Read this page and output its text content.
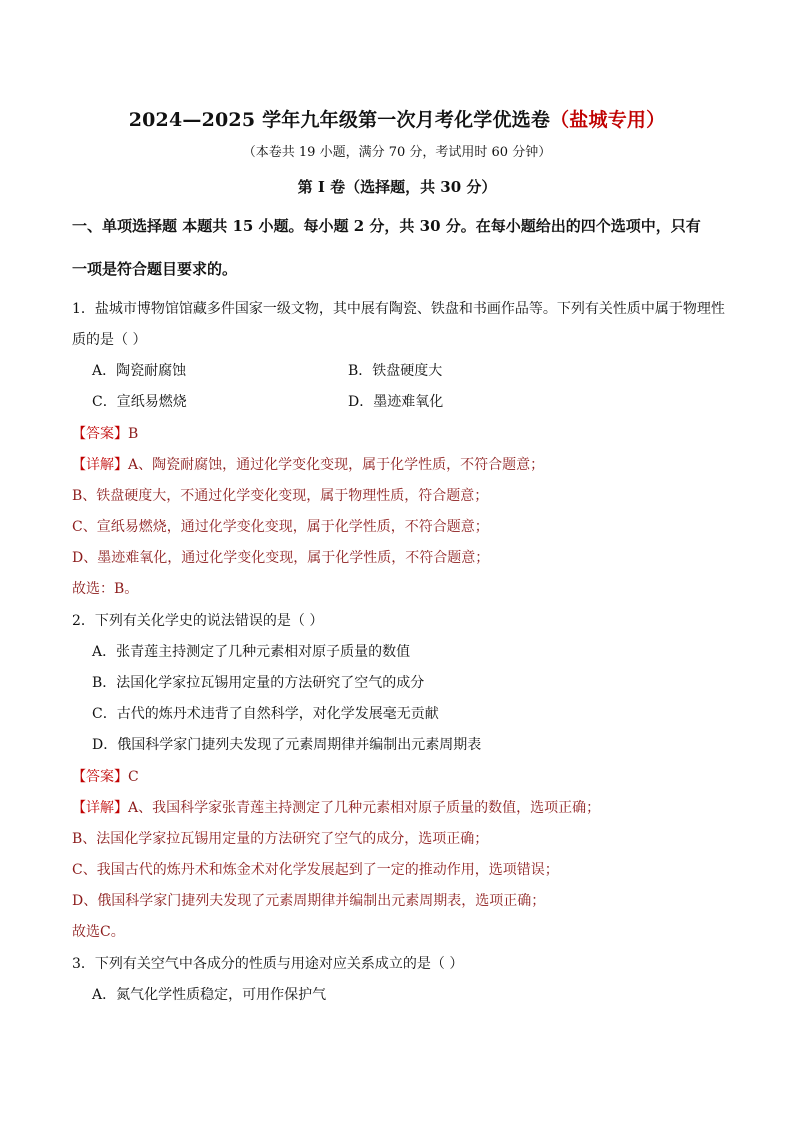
2024—2025 学年九年级第一次月考化学优选卷（盐城专用）
（本卷共 19 小题，满分 70 分，考试用时 60 分钟）
第 I 卷（选择题，共 30 分）
一、单项选择题 本题共 15 小题。每小题 2 分，共 30 分。在每小题给出的四个选项中，只有
一项是符合题目要求的。
1．盐城市博物馆馆藏多件国家一级文物，其中展有陶瓷、铁盘和书画作品等。下列有关性质中属于物理性
质的是（ ）
A．陶瓷耐腐蚀	B．铁盘硬度大
C．宣纸易燃烧	D．墨迹难氧化
【答案】B
【详解】A、陶瓷耐腐蚀，通过化学变化变现，属于化学性质，不符合题意；
B、铁盘硬度大，不通过化学变化变现，属于物理性质，符合题意；
C、宣纸易燃烧，通过化学变化变现，属于化学性质，不符合题意；
D、墨迹难氧化，通过化学变化变现，属于化学性质，不符合题意；
故选：B。
2．下列有关化学史的说法错误的是（ ）
A．张青莲主持测定了几种元素相对原子质量的数值
B．法国化学家拉瓦锡用定量的方法研究了空气的成分
C．古代的炼丹术违背了自然科学，对化学发展毫无贡献
D．俄国科学家门捷列夫发现了元素周期律并编制出元素周期表
【答案】C
【详解】A、我国科学家张青莲主持测定了几种元素相对原子质量的数值，选项正确；
B、法国化学家拉瓦锡用定量的方法研究了空气的成分，选项正确；
C、我国古代的炼丹术和炼金术对化学发展起到了一定的推动作用，选项错误；
D、俄国科学家门捷列夫发现了元素周期律并编制出元素周期表，选项正确；
故选C。
3．下列有关空气中各成分的性质与用途对应关系成立的是（ ）
A．氮气化学性质稳定，可用作保护气
